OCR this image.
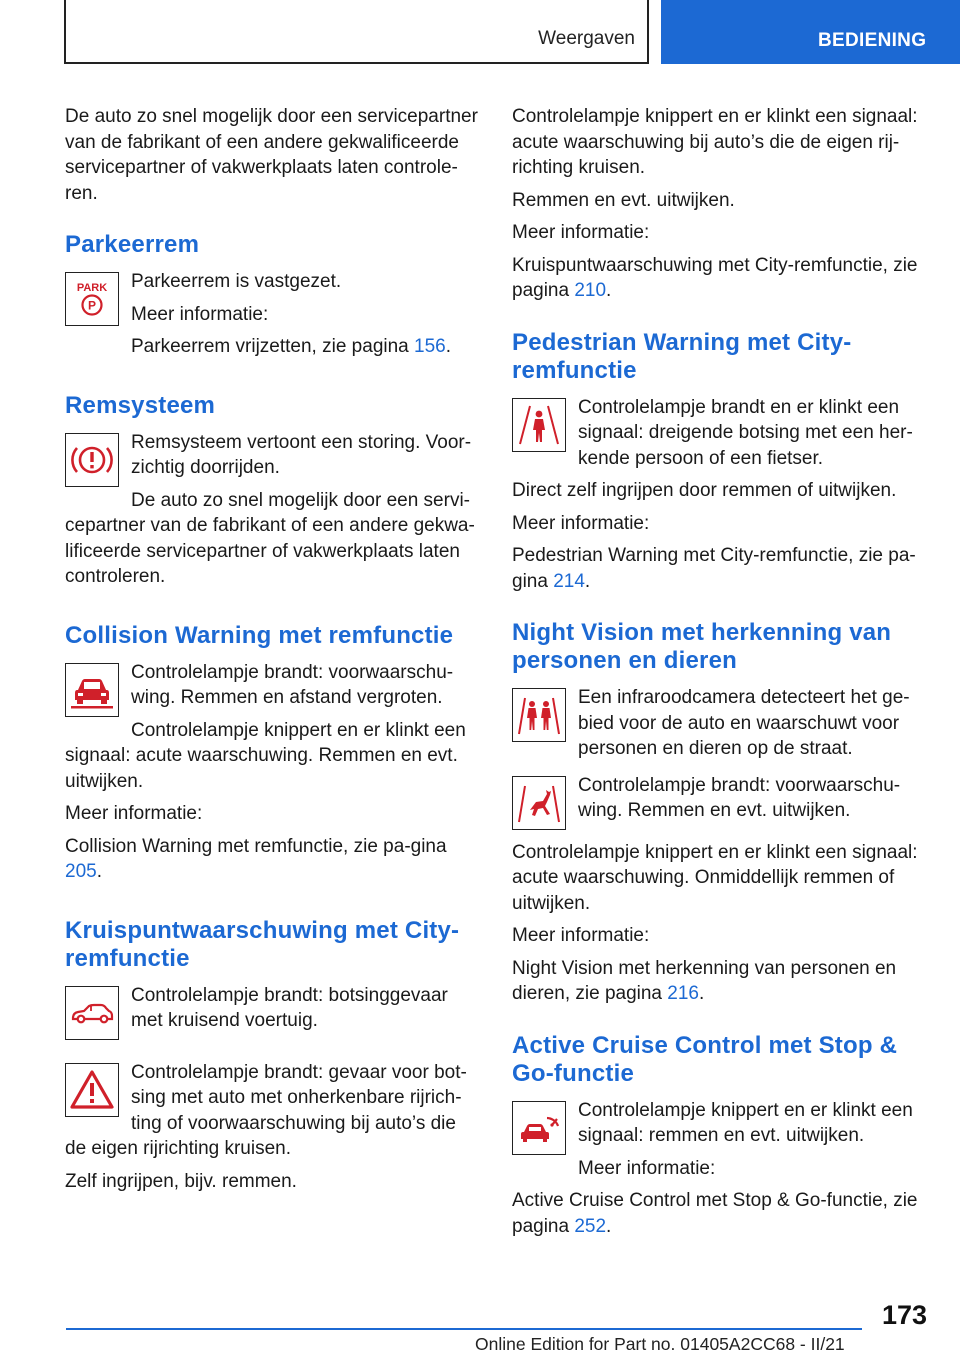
Weergaven	BEDIENING

De auto zo snel mogelijk door een servicepartner van de fabrikant of een andere gekwalificeerde servicepartner of vakwerkplaats laten controle-ren.

Parkeerrem
PARK
P

Parkeerrem is vastgezet.

Meer informatie:

Parkeerrem vrijzetten, zie pagina 156.

Remsysteem

Remsysteem vertoont een storing. Voor-zichtig doorrijden.

De auto zo snel mogelijk door een servi-cepartner van de fabrikant of een andere gekwa-lificeerde servicepartner of vakwerkplaats laten controleren.

Collision Warning met remfunctie

Controlelampje brandt: voorwaarschu-wing. Remmen en afstand vergroten.

Controlelampje knippert en er klinkt een signaal: acute waarschuwing. Remmen en evt. uitwijken.

Meer informatie:

Collision Warning met remfunctie, zie pa-gina 205.

Kruispuntwaarschuwing met City-remfunctie

Controlelampje brandt: botsinggevaar met kruisend voertuig.

Controlelampje brandt: gevaar voor bot-sing met auto met onherkenbare rijrich-ting of voorwaarschuwing bij auto’s die de eigen rijrichting kruisen.

Zelf ingrijpen, bijv. remmen.

Controlelampje knippert en er klinkt een signaal: acute waarschuwing bij auto’s die de eigen rij-richting kruisen.

Remmen en evt. uitwijken.

Meer informatie:

Kruispuntwaarschuwing met City-remfunctie, zie pagina 210.

Pedestrian Warning met City-remfunctie

Controlelampje brandt en er klinkt een signaal: dreigende botsing met een her-kende persoon of een fietser.

Direct zelf ingrijpen door remmen of uitwijken.

Meer informatie:

Pedestrian Warning met City-remfunctie, zie pa-gina 214.

Night Vision met herkenning van personen en dieren

Een infraroodcamera detecteert het ge-bied voor de auto en waarschuwt voor personen en dieren op de straat.

Controlelampje brandt: voorwaarschu-wing. Remmen en evt. uitwijken.

Controlelampje knippert en er klinkt een signaal: acute waarschuwing. Onmiddellijk remmen of uitwijken.

Meer informatie:

Night Vision met herkenning van personen en dieren, zie pagina 216.

Active Cruise Control met Stop & Go-functie

Controlelampje knippert en er klinkt een signaal: remmen en evt. uitwijken.

Meer informatie:

Active Cruise Control met Stop & Go-functie, zie pagina 252.

173
Online Edition for Part no. 01405A2CC68 - II/21
